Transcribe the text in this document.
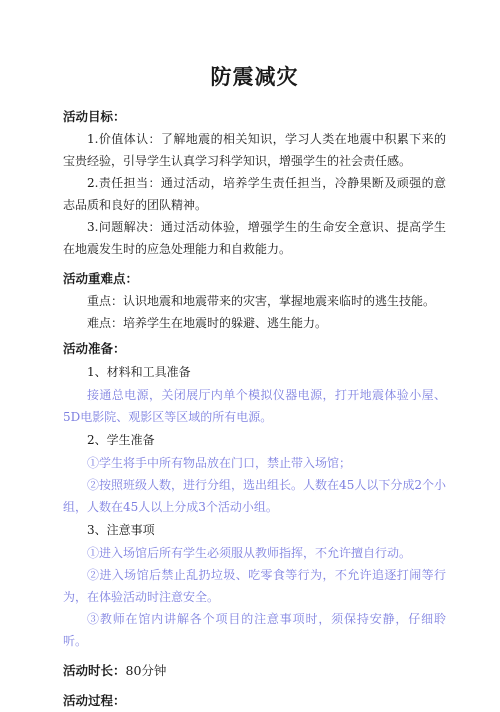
防震减灾
活动目标：

1.价值体认：了解地震的相关知识，学习人类在地震中积累下来的宝贵经验，引导学生认真学习科学知识，增强学生的社会责任感。

2.责任担当：通过活动，培养学生责任担当，冷静果断及顽强的意志品质和良好的团队精神。

3.问题解决：通过活动体验，增强学生的生命安全意识、提高学生在地震发生时的应急处理能力和自救能力。

活动重难点：

重点：认识地震和地震带来的灾害，掌握地震来临时的逃生技能。

难点：培养学生在地震时的躲避、逃生能力。

活动准备：
1、材料和工具准备

接通总电源，关闭展厅内单个模拟仪器电源，打开地震体验小屋、5D电影院、观影区等区域的所有电源。

2、学生准备

①学生将手中所有物品放在门口，禁止带入场馆；

②按照班级人数，进行分组，选出组长。人数在45人以下分成2个小组，人数在45人以上分成3个活动小组。

3、注意事项

①进入场馆后所有学生必须服从教师指挥，不允许擅自行动。

②进入场馆后禁止乱扔垃圾、吃零食等行为，不允许追逐打闹等行为，在体验活动时注意安全。

③教师在馆内讲解各个项目的注意事项时，须保持安静，仔细聆听。

活动时长：80分钟
活动过程：
